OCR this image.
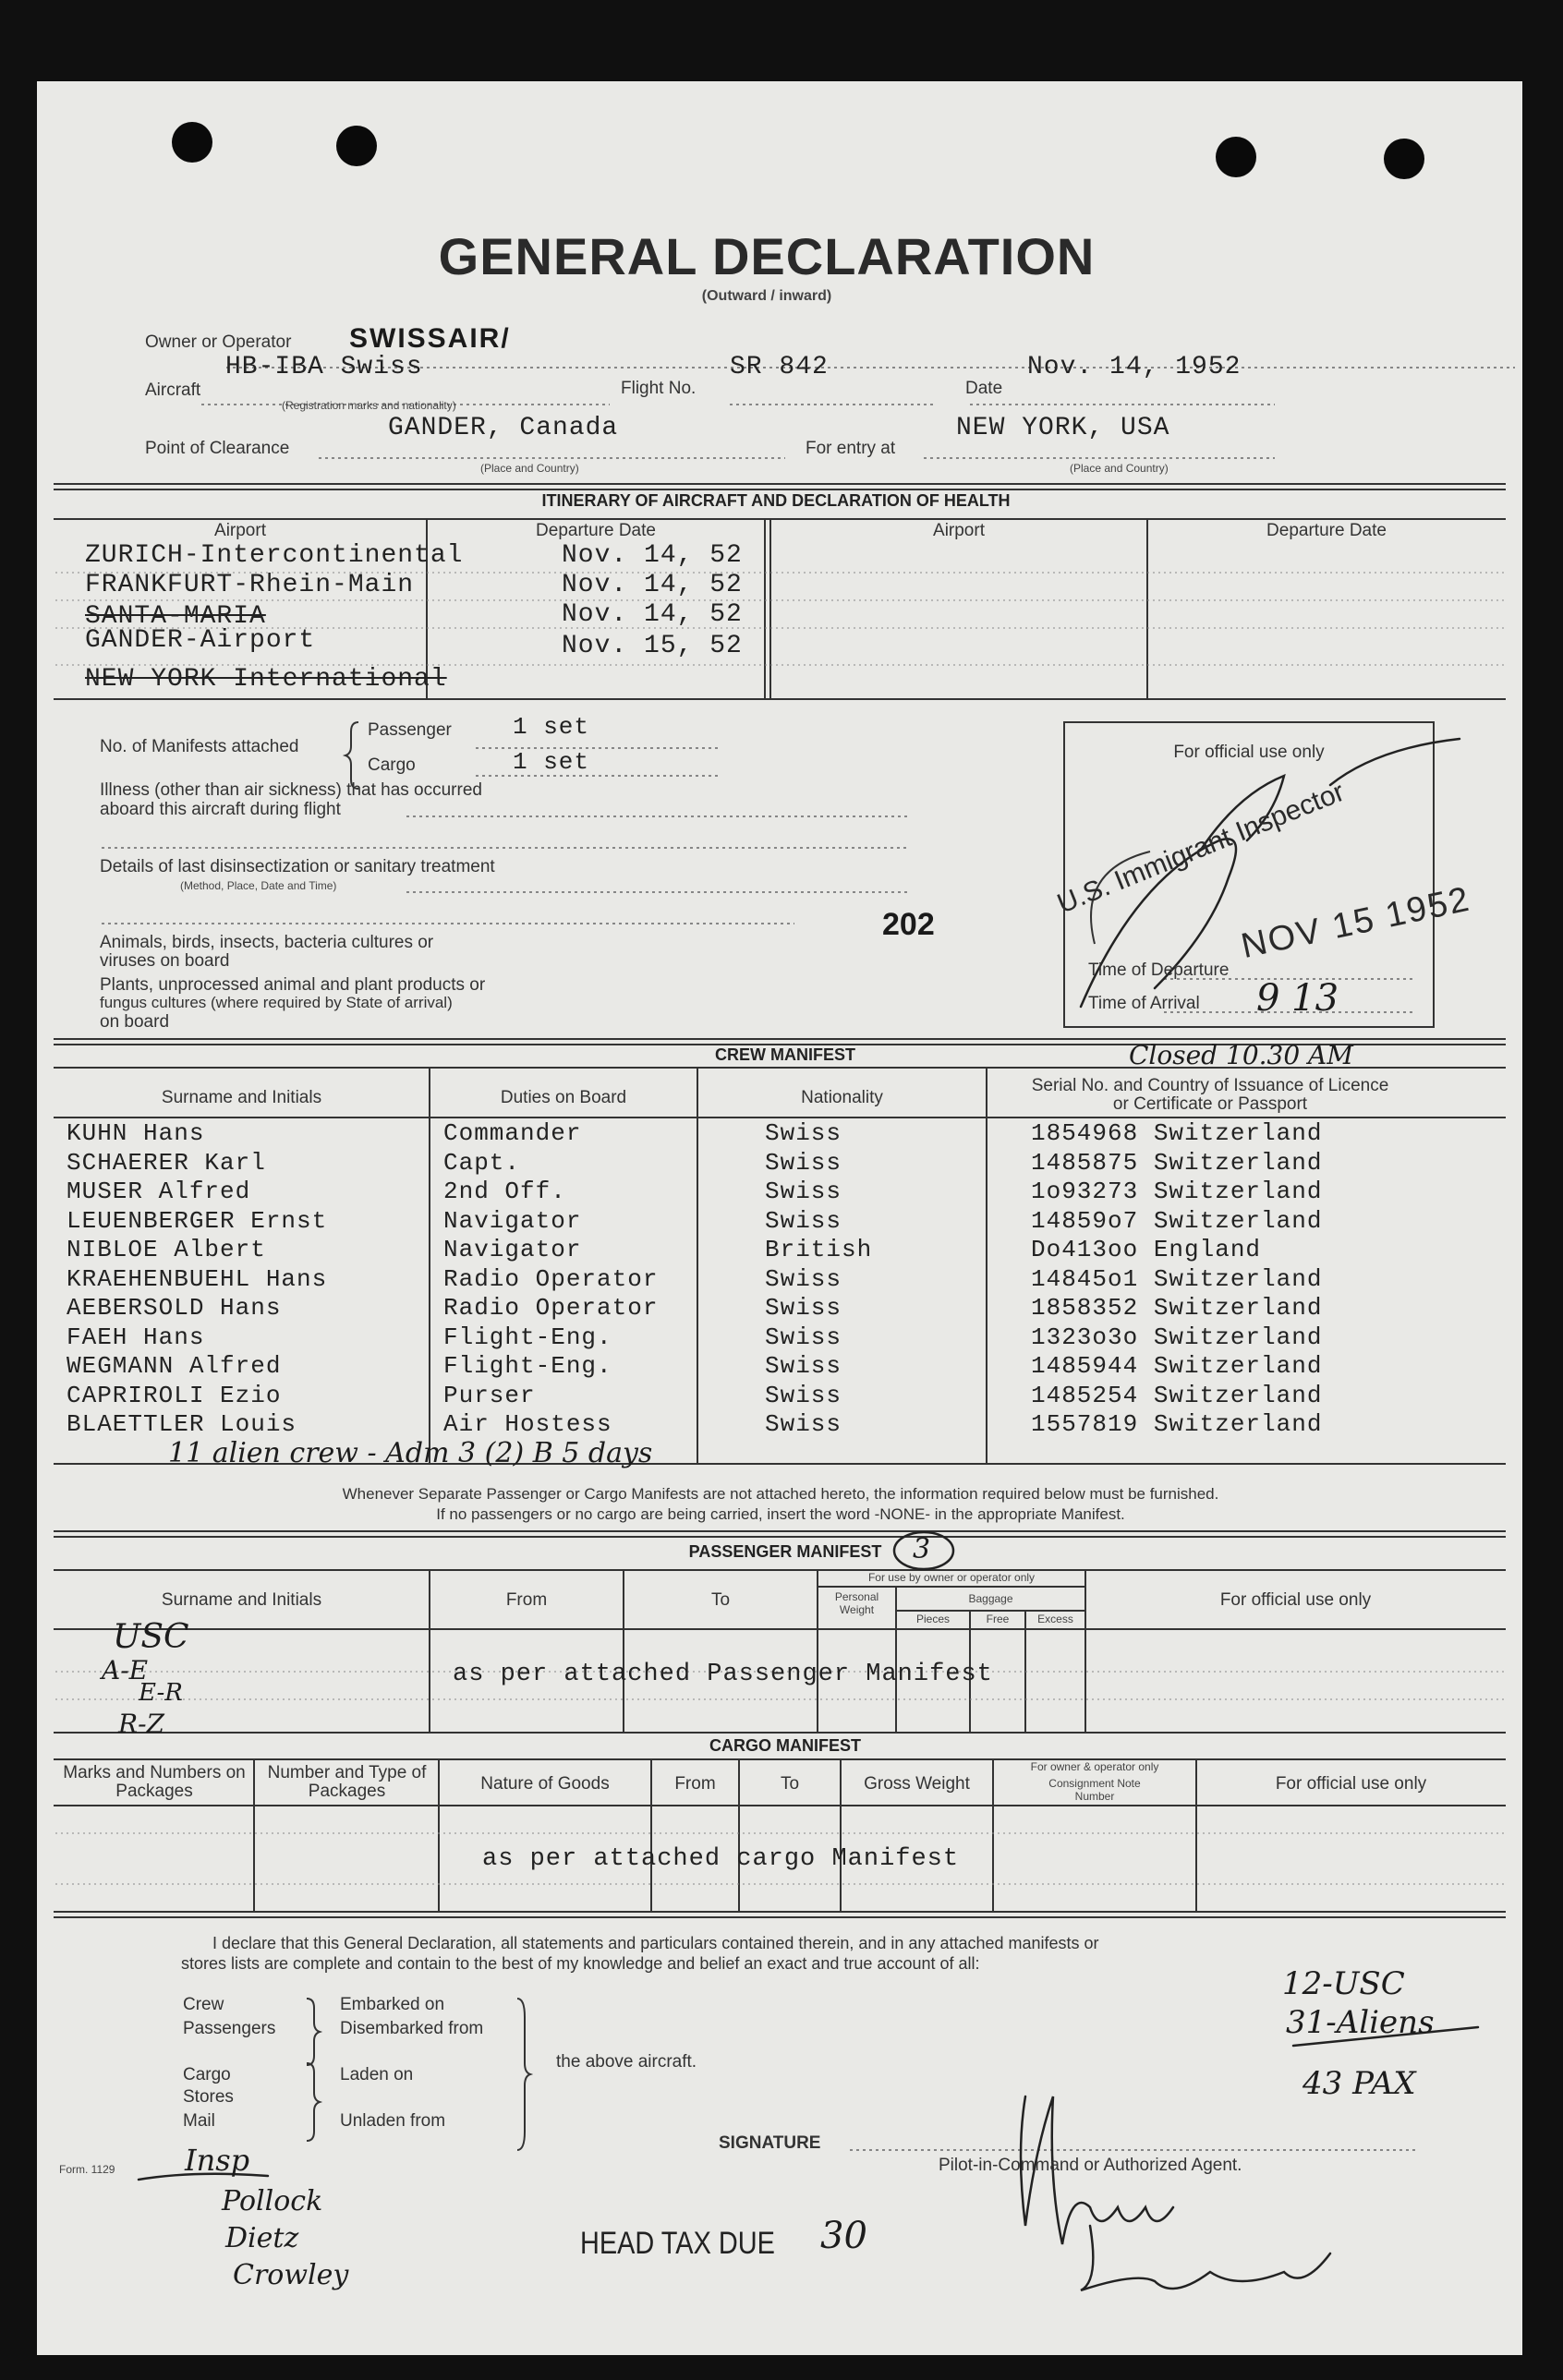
GENERAL DECLARATION
(Outward / inward)
Owner or Operator SWISSAIR/
Aircraft
HB-IBA Swiss
(Registration marks and nationality)
Flight No.
SR 842
Date
Nov. 14, 1952
Point of Clearance
GANDER, Canada
(Place and Country)
For entry at
NEW YORK, USA
(Place and Country)
ITINERARY OF AIRCRAFT AND DECLARATION OF HEALTH
Airport	Departure Date	Airport	Departure Date
ZURICH-Intercontinental	Nov. 14, 52
FRANKFURT-Rhein-Main	Nov. 14, 52
SANTA-MARIA	Nov. 14, 52
GANDER-Airport	Nov. 15, 52
NEW YORK International
No. of Manifests attached
Passenger	1 set
Cargo	1 set
Illness (other than air sickness) that has occurred
aboard this aircraft during flight
Details of last disinsectization or sanitary treatment
(Method, Place, Date and Time)
Animals, birds, insects, bacteria cultures or
viruses on board
Plants, unprocessed animal and plant products or
fungus cultures (where required by State of arrival)
on board
202
For official use only
U.S. Immigrant Inspector
NOV 15 1952
Time of Departure
Time of Arrival 9 13
Closed 10.30 AM
CREW MANIFEST
Surname and Initials	Duties on Board	Nationality
Serial No. and Country of Issuance of Licence or Certificate or Passport
KUHN Hans	Commander	Swiss	1854968 Switzerland
SCHAERER Karl	Capt.	Swiss	1485875 Switzerland
MUSER Alfred	2nd Off.	Swiss	1o93273 Switzerland
LEUENBERGER Ernst	Navigator	Swiss	14859o7 Switzerland
NIBLOE Albert	Navigator	British	Do413oo England
KRAEHENBUEHL Hans	Radio Operator	Swiss	14845o1 Switzerland
AEBERSOLD Hans	Radio Operator	Swiss	1858352 Switzerland
FAEH Hans	Flight-Eng.	Swiss	1323o3o Switzerland
WEGMANN Alfred	Flight-Eng.	Swiss	1485944 Switzerland
CAPRIROLI Ezio	Purser	Swiss	1485254 Switzerland
BLAETTLER Louis	Air Hostess	Swiss	1557819 Switzerland
11 alien crew - Adm 3 (2) B 5 days
Whenever Separate Passenger or Cargo Manifests are not attached hereto, the information required below must be furnished.
If no passengers or no cargo are being carried, insert the word -NONE- in the appropriate Manifest.
PASSENGER MANIFEST	3
Surname and Initials	From	To
For use by owner or operator only
Personal Weight
Baggage
Pieces	Free	Excess
For official use only
as per attached Passenger Manifest
USC
A-E
E-R
R-Z
CARGO MANIFEST
Marks and Numbers on Packages
Number and Type of Packages	Nature of Goods	From	To	Gross Weight
For owner & operator only
Consignment Note Number
For official use only
as per attached cargo Manifest
I declare that this General Declaration, all statements and particulars contained therein, and in any attached manifests or
stores lists are complete and contain to the best of my knowledge and belief an exact and true account of all:
Crew
Passengers
Embarked on
Disembarked from
Cargo
Stores
Mail
Laden on
Unladen from
the above aircraft.
SIGNATURE
Pilot-in-Command or Authorized Agent.
Form. 1129
12-USC
31-Aliens
43 PAX
Insp
Pollock
Dietz
Crowley
HEAD TAX DUE 30
